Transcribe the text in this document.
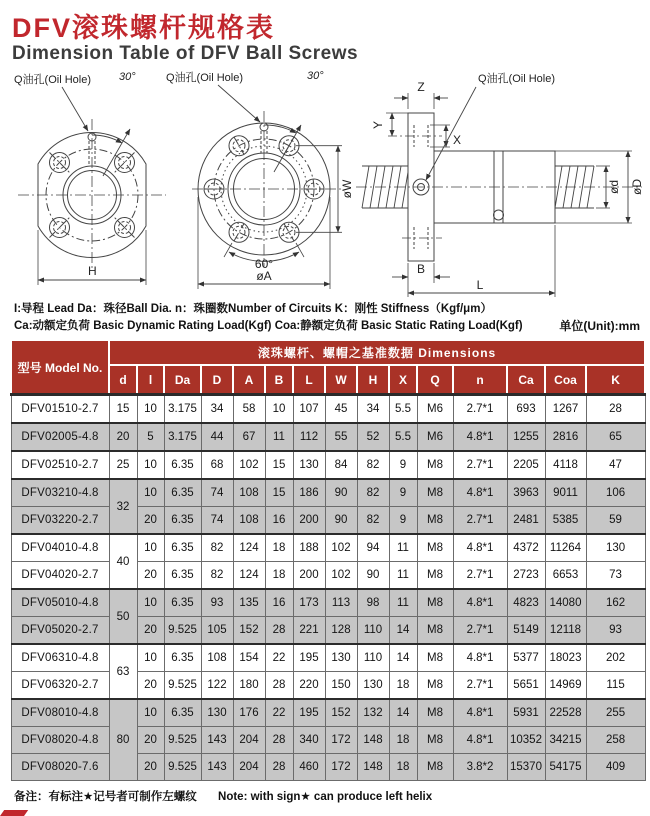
DFV滚珠螺杆规格表
Dimension Table of DFV Ball Screws
Q油孔(Oil Hole)	30°
H
Q油孔(Oil Hole)	30°
øW
60°
øA
Q油孔(Oil Hole)
Z
Y
X
ød øD
B
L
I:导程 Lead Da：珠径Ball Dia. n：珠圈数Number of Circuits K：刚性 Stiffness（Kgf/μm）
Ca:动额定负荷 Basic Dynamic Rating Load(Kgf) Coa:静额定负荷 Basic Static Rating Load(Kgf)	单位(Unit):mm
型号 Model No.	滚珠螺杆、螺帽之基准数据 Dimensions														
	d	l	Da	D	A	B	L	W	H	X	Q	n	Ca	Coa	K
DFV01510-2.7	15	10	3.175	34	58	10	107	45	34	5.5	M6	2.7*1	693	1267	28
DFV02005-4.8	20	5	3.175	44	67	11	112	55	52	5.5	M6	4.8*1	1255	2816	65
DFV02510-2.7	25	10	6.35	68	102	15	130	84	82	9	M8	2.7*1	2205	4118	47
DFV03210-4.8	32	10	6.35	74	108	15	186	90	82	9	M8	4.8*1	3963	9011	106
DFV03220-2.7		20	6.35	74	108	16	200	90	82	9	M8	2.7*1	2481	5385	59
DFV04010-4.8	40	10	6.35	82	124	18	188	102	94	11	M8	4.8*1	4372	11264	130
DFV04020-2.7		20	6.35	82	124	18	200	102	90	11	M8	2.7*1	2723	6653	73
DFV05010-4.8	50	10	6.35	93	135	16	173	113	98	11	M8	4.8*1	4823	14080	162
DFV05020-2.7		20	9.525	105	152	28	221	128	110	14	M8	2.7*1	5149	12118	93
DFV06310-4.8	63	10	6.35	108	154	22	195	130	110	14	M8	4.8*1	5377	18023	202
DFV06320-2.7		20	9.525	122	180	28	220	150	130	18	M8	2.7*1	5651	14969	115
DFV08010-4.8	80	10	6.35	130	176	22	195	152	132	14	M8	4.8*1	5931	22528	255
DFV08020-4.8		20	9.525	143	204	28	340	172	148	18	M8	4.8*1	10352	34215	258
DFV08020-7.6		20	9.525	143	204	28	460	172	148	18	M8	3.8*2	15370	54175	409
备注：有标注★记号者可制作左螺纹 Note: with sign★ can produce left helix
